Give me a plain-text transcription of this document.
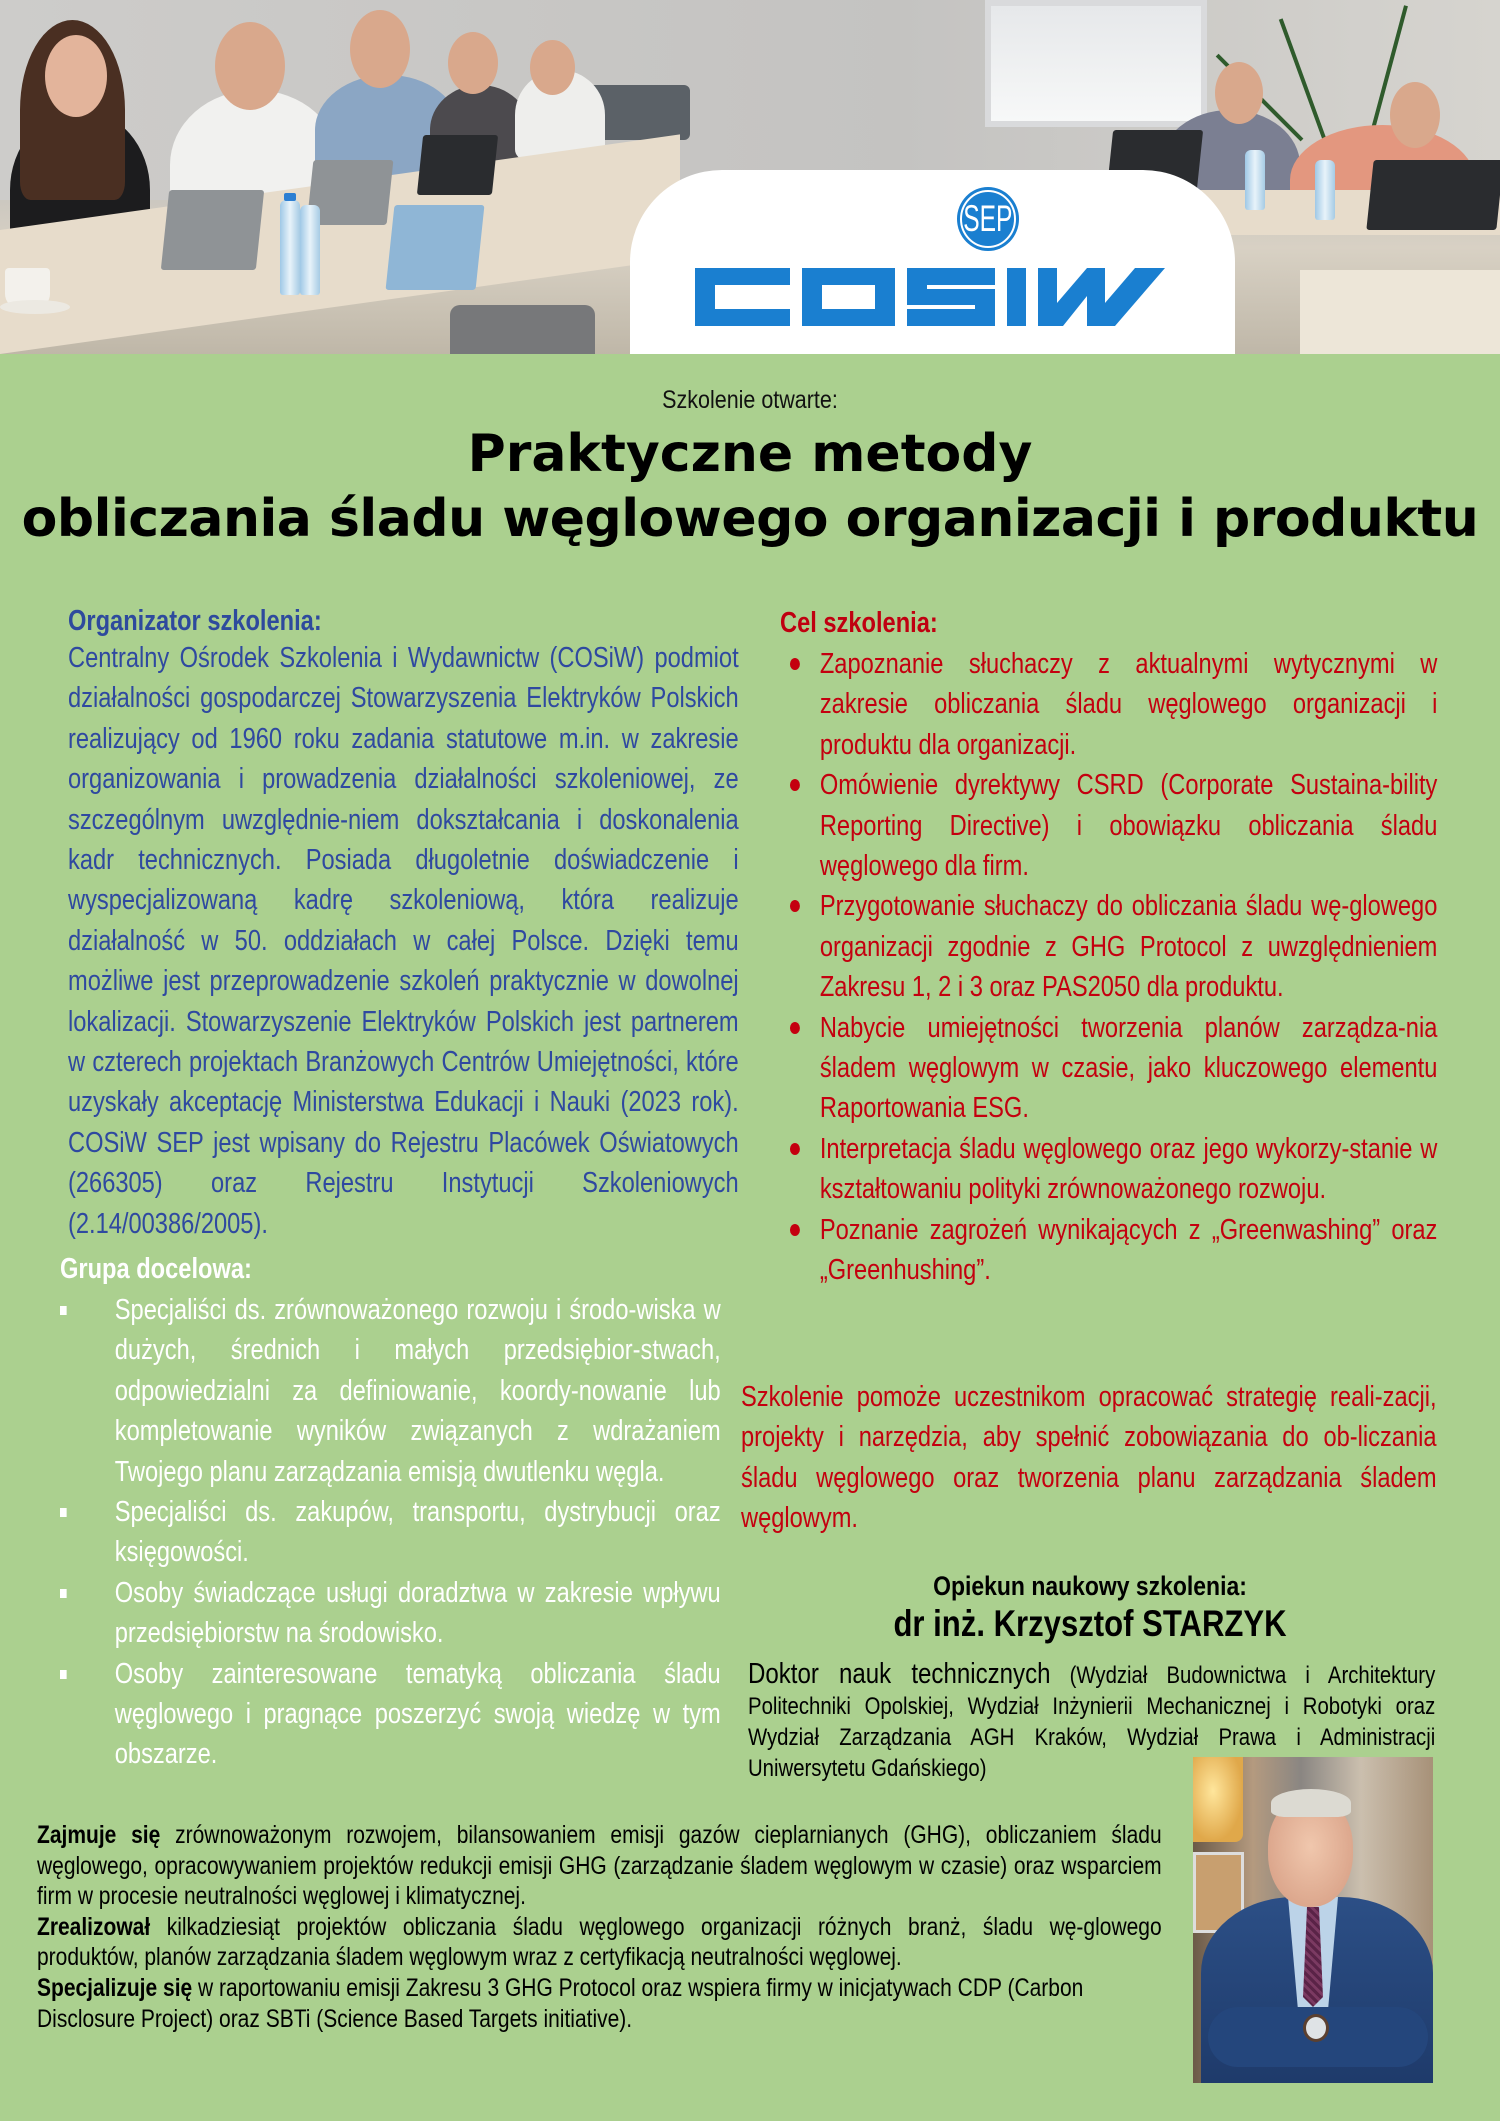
SEP
Szkolenie otwarte:
Praktyczne metody
obliczania śladu węglowego organizacji i produktu
Organizator szkolenia:

Centralny Ośrodek Szkolenia i Wydawnictw (COSiW) podmiot działalności gospodarczej Stowarzyszenia Elektryków Polskich realizujący od 1960 roku zadania statutowe m.in. w zakresie organizowania i prowadzenia działalności szkoleniowej, ze szczególnym uwzględnie-niem dokształcania i doskonalenia kadr technicznych. Posiada długoletnie doświadczenie i wyspecjalizowaną kadrę szkoleniową, która realizuje działalność w 50. oddziałach w całej Polsce. Dzięki temu możliwe jest przeprowadzenie szkoleń praktycznie w dowolnej lokalizacji. Stowarzyszenie Elektryków Polskich jest partnerem w czterech projektach Branżowych Centrów Umiejętności, które uzyskały akceptację Ministerstwa Edukacji i Nauki (2023 rok). COSiW SEP jest wpisany do Rejestru Placówek Oświatowych (266305) oraz Rejestru Instytucji Szkoleniowych (2.14/00386/2005).

Grupa docelowa:
Specjaliści ds. zrównoważonego rozwoju i środo-wiska w dużych, średnich i małych przedsiębior-stwach, odpowiedzialni za definiowanie, koordy-nowanie lub kompletowanie wyników związanych z wdrażaniem Twojego planu zarządzania emisją dwutlenku węgla.
Specjaliści ds. zakupów, transportu, dystrybucji oraz księgowości.
Osoby świadczące usługi doradztwa w zakresie wpływu przedsiębiorstw na środowisko.
Osoby zainteresowane tematyką obliczania śladu węglowego i pragnące poszerzyć swoją wiedzę w tym obszarze.
Cel szkolenia:
Zapoznanie słuchaczy z aktualnymi wytycznymi w zakresie obliczania śladu węglowego organizacji i produktu dla organizacji.
Omówienie dyrektywy CSRD (Corporate Sustaina-bility Reporting Directive) i obowiązku obliczania śladu węglowego dla firm.
Przygotowanie słuchaczy do obliczania śladu wę-glowego organizacji zgodnie z GHG Protocol z uwzględnieniem Zakresu 1, 2 i 3 oraz PAS2050 dla produktu.
Nabycie umiejętności tworzenia planów zarządza-nia śladem węglowym w czasie, jako kluczowego elementu Raportowania ESG.
Interpretacja śladu węglowego oraz jego wykorzy-stanie w kształtowaniu polityki zrównoważonego rozwoju.
Poznanie zagrożeń wynikających z „Greenwashing” oraz „Greenhushing”.
Szkolenie pomoże uczestnikom opracować strategię reali-zacji, projekty i narzędzia, aby spełnić zobowiązania do ob-liczania śladu węglowego oraz tworzenia planu zarządzania śladem węglowym.
Opiekun naukowy szkolenia:
dr inż. Krzysztof STARZYK
Doktor nauk technicznych (Wydział Budownictwa i Architektury Politechniki Opolskiej, Wydział Inżynierii Mechanicznej i Robotyki oraz Wydział Zarządzania AGH Kraków, Wydział Prawa i Administracji Uniwersytetu Gdańskiego)

Zajmuje się zrównoważonym rozwojem, bilansowaniem emisji gazów cieplarnianych (GHG), obliczaniem śladu węglowego, opracowywaniem projektów redukcji emisji GHG (zarządzanie śladem węglowym w czasie) oraz wsparciem firm w procesie neutralności węglowej i klimatycznej.

Zrealizował kilkadziesiąt projektów obliczania śladu węglowego organizacji różnych branż, śladu wę-glowego produktów, planów zarządzania śladem węglowym wraz z certyfikacją neutralności węglowej.

Specjalizuje się w raportowaniu emisji Zakresu 3 GHG Protocol oraz wspiera firmy w inicjatywach CDP (Carbon Disclosure Project) oraz SBTi (Science Based Targets initiative).
